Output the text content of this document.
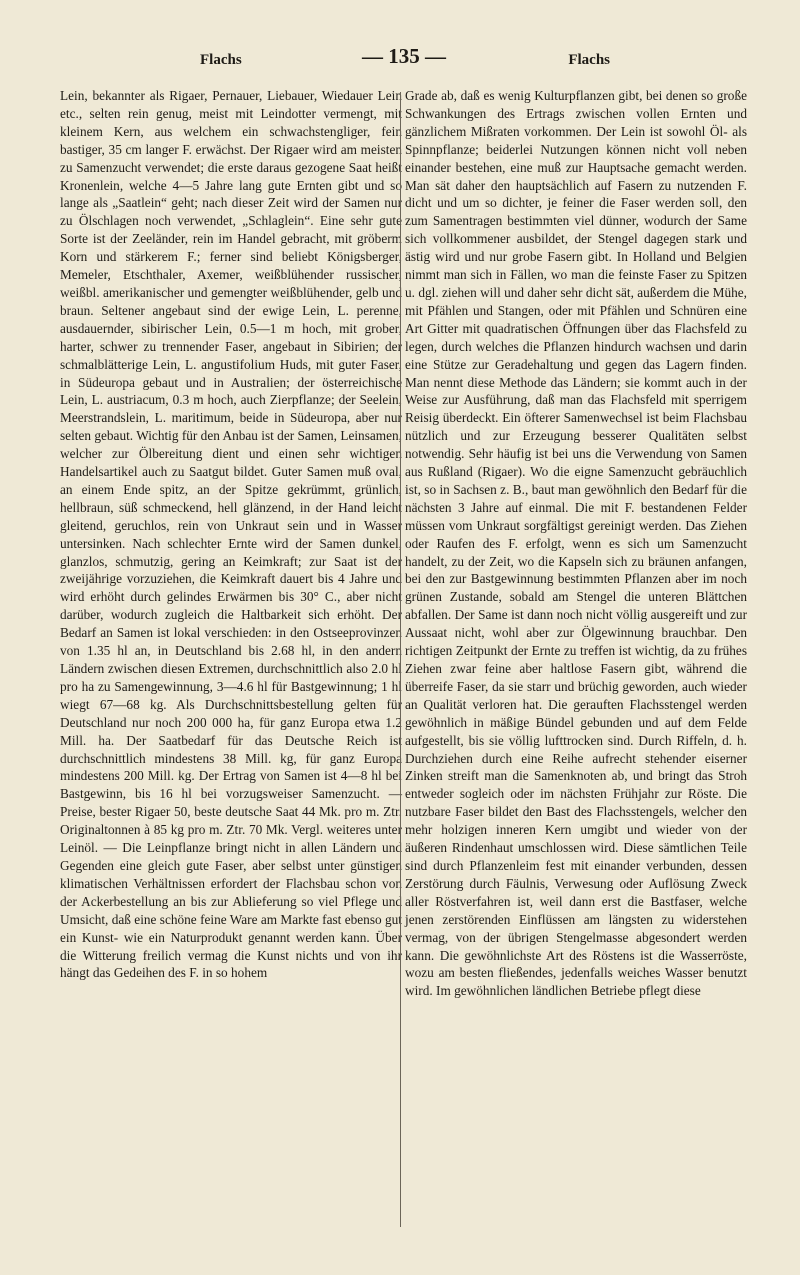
Flachs	— 135 —	Flachs

Lein, bekannter als Rigaer, Pernauer, Liebauer, Wiedauer Lein etc., selten rein genug, meist mit Leindotter vermengt, mit kleinem Kern, aus welchem ein schwachstengliger, fein bastiger, 35 cm langer F. erwächst. Der Rigaer wird am meisten zu Samenzucht verwendet; die erste daraus gezogene Saat heißt Kronenlein, welche 4—5 Jahre lang gute Ernten gibt und so lange als „Saatlein“ geht; nach dieser Zeit wird der Samen nur zu Ölschlagen noch verwendet, „Schlaglein“. Eine sehr gute Sorte ist der Zeeländer, rein im Handel gebracht, mit gröberm Korn und stärkerem F.; ferner sind beliebt Königsberger, Memeler, Etschthaler, Axemer, weißblühender russischer, weißbl. amerikanischer und gemengter weißblühender, gelb und braun. Seltener angebaut sind der ewige Lein, L. perenne, ausdauernder, sibirischer Lein, 0.5—1 m hoch, mit grober, harter, schwer zu trennender Faser, angebaut in Sibirien; der schmalblätterige Lein, L. angustifolium Huds, mit guter Faser, in Südeuropa gebaut und in Australien; der österreichische Lein, L. austriacum, 0.3 m hoch, auch Zierpflanze; der Seelein, Meerstrandslein, L. maritimum, beide in Südeuropa, aber nur selten gebaut. Wichtig für den Anbau ist der Samen, Leinsamen, welcher zur Ölbereitung dient und einen sehr wichtigen Handelsartikel auch zu Saatgut bildet. Guter Samen muß oval, an einem Ende spitz, an der Spitze gekrümmt, grünlich, hellbraun, süß schmeckend, hell glänzend, in der Hand leicht gleitend, geruchlos, rein von Unkraut sein und in Wasser untersinken. Nach schlechter Ernte wird der Samen dunkel, glanzlos, schmutzig, gering an Keimkraft; zur Saat ist der zweijährige vorzuziehen, die Keimkraft dauert bis 4 Jahre und wird erhöht durch gelindes Erwärmen bis 30° C., aber nicht darüber, wodurch zugleich die Haltbarkeit sich erhöht. Der Bedarf an Samen ist lokal verschieden: in den Ostseeprovinzen von 1.35 hl an, in Deutschland bis 2.68 hl, in den andern Ländern zwischen diesen Extremen, durchschnittlich also 2.0 hl pro ha zu Samengewinnung, 3—4.6 hl für Bastgewinnung; 1 hl wiegt 67—68 kg. Als Durchschnittsbestellung gelten für Deutschland nur noch 200 000 ha, für ganz Europa etwa 1.2 Mill. ha. Der Saatbedarf für das Deutsche Reich ist durchschnittlich mindestens 38 Mill. kg, für ganz Europa mindestens 200 Mill. kg. Der Ertrag von Samen ist 4—8 hl bei Bastgewinn, bis 16 hl bei vorzugsweiser Samenzucht. — Preise, bester Rigaer 50, beste deutsche Saat 44 Mk. pro m. Ztr. Originaltonnen à 85 kg pro m. Ztr. 70 Mk. Vergl. weiteres unter Leinöl. — Die Leinpflanze bringt nicht in allen Ländern und Gegenden eine gleich gute Faser, aber selbst unter günstigen klimatischen Verhältnissen erfordert der Flachsbau schon von der Ackerbestellung an bis zur Ablieferung so viel Pflege und Umsicht, daß eine schöne feine Ware am Markte fast ebenso gut ein Kunst- wie ein Naturprodukt genannt werden kann. Über die Witterung freilich vermag die Kunst nichts und von ihr hängt das Gedeihen des F. in so hohem

Grade ab, daß es wenig Kulturpflanzen gibt, bei denen so große Schwankungen des Ertrags zwischen vollen Ernten und gänzlichem Mißraten vorkommen. Der Lein ist sowohl Öl- als Spinnpflanze; beiderlei Nutzungen können nicht voll neben einander bestehen, eine muß zur Hauptsache gemacht werden. Man sät daher den hauptsächlich auf Fasern zu nutzenden F. dicht und um so dichter, je feiner die Faser werden soll, den zum Samentragen bestimmten viel dünner, wodurch der Same sich vollkommener ausbildet, der Stengel dagegen stark und ästig wird und nur grobe Fasern gibt. In Holland und Belgien nimmt man sich in Fällen, wo man die feinste Faser zu Spitzen u. dgl. ziehen will und daher sehr dicht sät, außerdem die Mühe, mit Pfählen und Stangen, oder mit Pfählen und Schnüren eine Art Gitter mit quadratischen Öffnungen über das Flachsfeld zu legen, durch welches die Pflanzen hindurch wachsen und darin eine Stütze zur Geradehaltung und gegen das Lagern finden. Man nennt diese Methode das Ländern; sie kommt auch in der Weise zur Ausführung, daß man das Flachsfeld mit sperrigem Reisig überdeckt. Ein öfterer Samenwechsel ist beim Flachsbau nützlich und zur Erzeugung besserer Qualitäten selbst notwendig. Sehr häufig ist bei uns die Verwendung von Samen aus Rußland (Rigaer). Wo die eigne Samenzucht gebräuchlich ist, so in Sachsen z. B., baut man gewöhnlich den Bedarf für die nächsten 3 Jahre auf einmal. Die mit F. bestandenen Felder müssen vom Unkraut sorgfältigst gereinigt werden. Das Ziehen oder Raufen des F. erfolgt, wenn es sich um Samenzucht handelt, zu der Zeit, wo die Kapseln sich zu bräunen anfangen, bei den zur Bastgewinnung bestimmten Pflanzen aber im noch grünen Zustande, sobald am Stengel die unteren Blättchen abfallen. Der Same ist dann noch nicht völlig ausgereift und zur Aussaat nicht, wohl aber zur Ölgewinnung brauchbar. Den richtigen Zeitpunkt der Ernte zu treffen ist wichtig, da zu frühes Ziehen zwar feine aber haltlose Fasern gibt, während die überreife Faser, da sie starr und brüchig geworden, auch wieder an Qualität verloren hat. Die gerauften Flachsstengel werden gewöhnlich in mäßige Bündel gebunden und auf dem Felde aufgestellt, bis sie völlig lufttrocken sind. Durch Riffeln, d. h. Durchziehen durch eine Reihe aufrecht stehender eiserner Zinken streift man die Samenknoten ab, und bringt das Stroh entweder sogleich oder im nächsten Frühjahr zur Röste. Die nutzbare Faser bildet den Bast des Flachsstengels, welcher den mehr holzigen inneren Kern umgibt und wieder von der äußeren Rindenhaut umschlossen wird. Diese sämtlichen Teile sind durch Pflanzenleim fest mit einander verbunden, dessen Zerstörung durch Fäulnis, Verwesung oder Auflösung Zweck aller Röstverfahren ist, weil dann erst die Bastfaser, welche jenen zerstörenden Einflüssen am längsten zu widerstehen vermag, von der übrigen Stengelmasse abgesondert werden kann. Die gewöhnlichste Art des Röstens ist die Wasserröste, wozu am besten fließendes, jedenfalls weiches Wasser benutzt wird. Im gewöhnlichen ländlichen Betriebe pflegt diese
